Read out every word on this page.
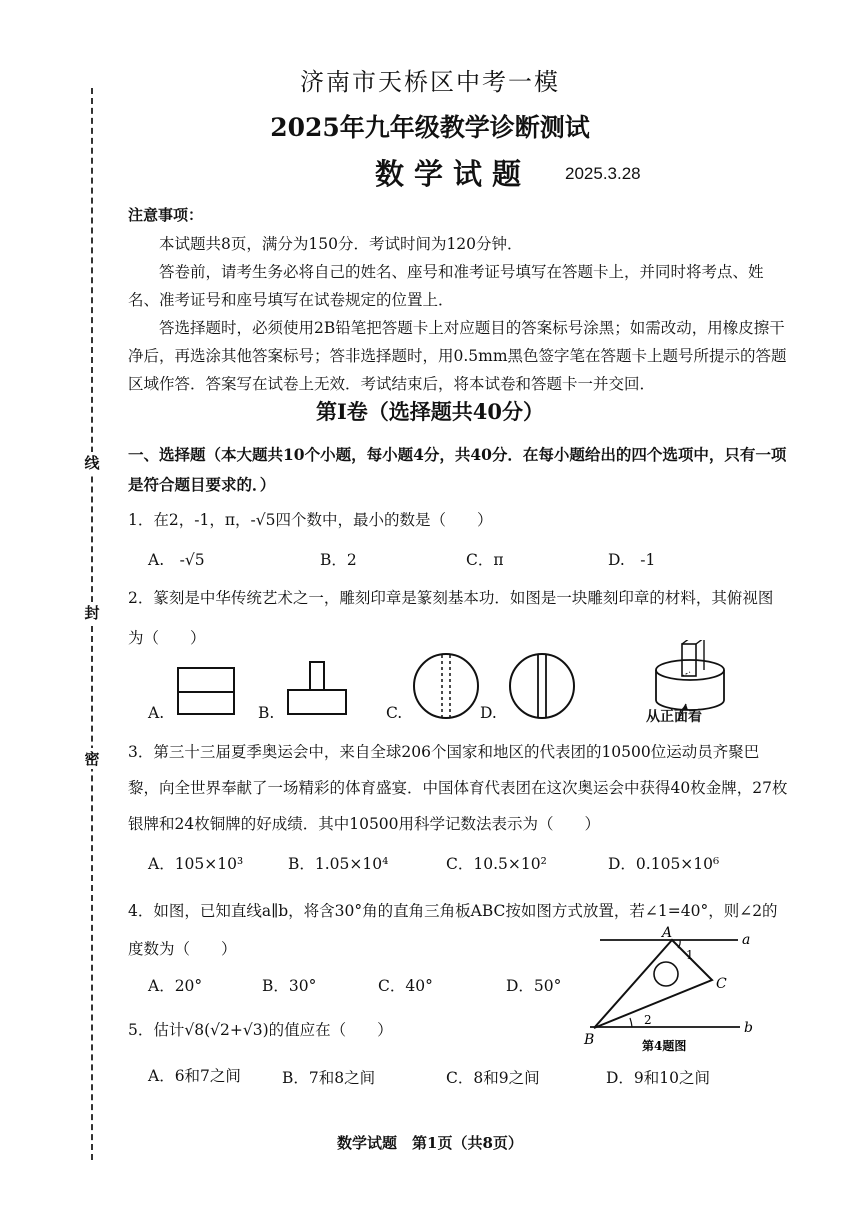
线
封
密
济南市天桥区中考一模
2025年九年级教学诊断测试
数学试题 2025.3.28
注意事项：
本试题共8页，满分为150分．考试时间为120分钟．
答卷前，请考生务必将自己的姓名、座号和准考证号填写在答题卡上，并同时将考点、姓名、准考证号和座号填写在试卷规定的位置上．
答选择题时，必须使用2B铅笔把答题卡上对应题目的答案标号涂黑；如需改动，用橡皮擦干净后，再选涂其他答案标号；答非选择题时，用0.5mm黑色签字笔在答题卡上题号所提示的答题区域作答．答案写在试卷上无效．考试结束后，将本试卷和答题卡一并交回．
第I卷（选择题共40分）
一、选择题（本大题共10个小题，每小题4分，共40分．在每小题给出的四个选项中，只有一项是符合题目要求的．）
1．在2，-1，π，-√5四个数中，最小的数是（　　）
A.　-√5	B．2	C．π	D.　-1
2．篆刻是中华传统艺术之一，雕刻印章是篆刻基本功．如图是一块雕刻印章的材料，其俯视图为（　　）
A.	B.	C.	D.	从正面看
3．第三十三届夏季奥运会中，来自全球206个国家和地区的代表团的10500位运动员齐聚巴黎，向全世界奉献了一场精彩的体育盛宴．中国体育代表团在这次奥运会中获得40枚金牌，27枚银牌和24枚铜牌的好成绩．其中10500用科学记数法表示为（　　）
A．105×10³	B．1.05×10⁴	C．10.5×10²	D．0.105×10⁶
4．如图，已知直线a∥b，将含30°角的直角三角板ABC按如图方式放置，若∠1=40°，则∠2的度数为（　　）
A．20°	B．30°	C．40°	D．50°
A	a
1
C
2	b
B	第4题图
5．估计√8(√2+√3)的值应在（　　）
A．6和7之间	B．7和8之间	C．8和9之间	D．9和10之间
数学试题　第1页（共8页）
